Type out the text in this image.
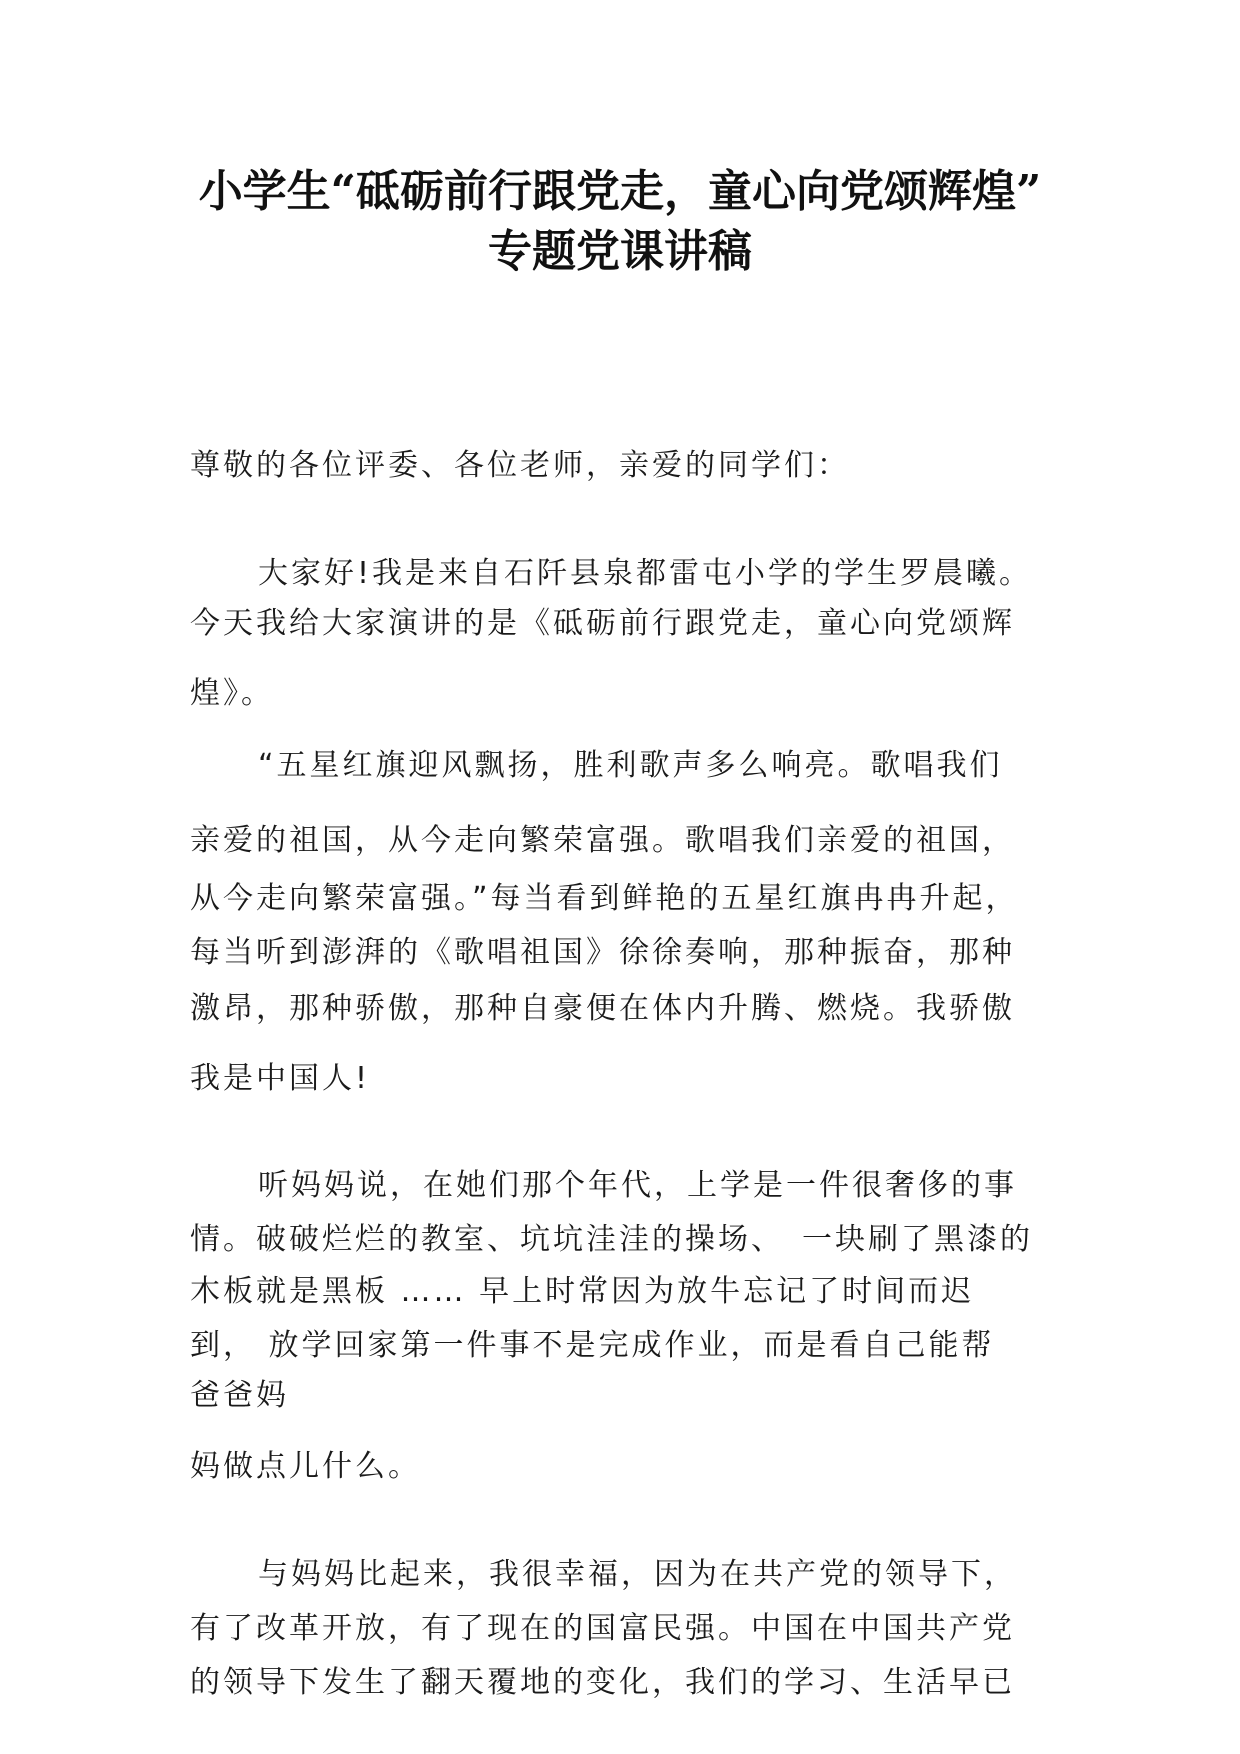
小学生“砥砺前行跟党走，童心向党颂辉煌”
专题党课讲稿
尊敬的各位评委、各位老师，亲爱的同学们：
大家好!我是来自石阡县泉都雷屯小学的学生罗晨曦。
今天我给大家演讲的是《砥砺前行跟党走，童心向党颂辉
煌》。
“五星红旗迎风飘扬，胜利歌声多么响亮。歌唱我们
亲爱的祖国，从今走向繁荣富强。歌唱我们亲爱的祖国，
从今走向繁荣富强。”每当看到鲜艳的五星红旗冉冉升起，
每当听到澎湃的《歌唱祖国》徐徐奏响，那种振奋，那种
激昂，那种骄傲，那种自豪便在体内升腾、燃烧。我骄傲
我是中国人!
听妈妈说，在她们那个年代，上学是一件很奢侈的事
情。破破烂烂的教室、坑坑洼洼的操场、　一块刷了黑漆的
木板就是黑板 …… 早上时常因为放牛忘记了时间而迟
到， 放学回家第一件事不是完成作业，而是看自己能帮
爸爸妈
妈做点儿什么。
与妈妈比起来，我很幸福，因为在共产党的领导下，
有了改革开放，有了现在的国富民强。中国在中国共产党
的领导下发生了翻天覆地的变化，我们的学习、生活早已
